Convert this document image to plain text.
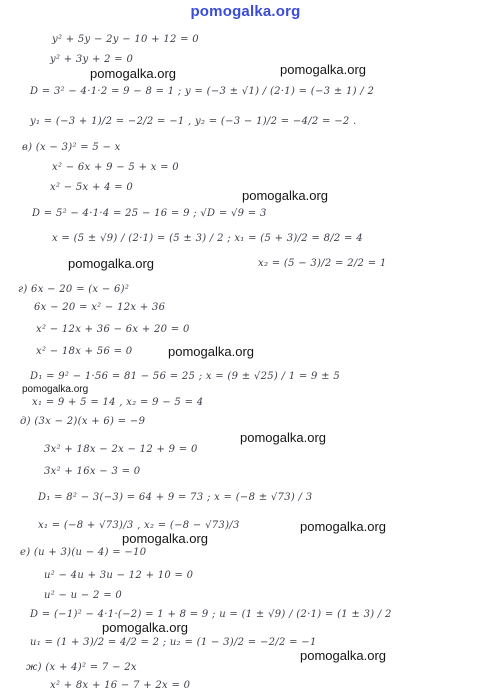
pomogalka.org
y² + 5y − 2y − 10 + 12 = 0
y² + 3y + 2 = 0
D = 3² − 4·1·2 = 9 − 8 = 1 ; y = (−3 ± √1) / (2·1) = (−3 ± 1) / 2
y₁ = (−3 + 1)/2 = −2/2 = −1 , y₂ = (−3 − 1)/2 = −4/2 = −2 .
в) (x − 3)² = 5 − x
x² − 6x + 9 − 5 + x = 0
x² − 5x + 4 = 0
D = 5² − 4·1·4 = 25 − 16 = 9 ; √D = √9 = 3
x = (5 ± √9) / (2·1) = (5 ± 3) / 2 ; x₁ = (5 + 3)/2 = 8/2 = 4
x₂ = (5 − 3)/2 = 2/2 = 1
г) 6x − 20 = (x − 6)²
6x − 20 = x² − 12x + 36
x² − 12x + 36 − 6x + 20 = 0
x² − 18x + 56 = 0
D₁ = 9² − 1·56 = 81 − 56 = 25 ; x = (9 ± √25) / 1 = 9 ± 5
x₁ = 9 + 5 = 14 , x₂ = 9 − 5 = 4
д) (3x − 2)(x + 6) = −9
3x² + 18x − 2x − 12 + 9 = 0
3x² + 16x − 3 = 0
D₁ = 8² − 3(−3) = 64 + 9 = 73 ; x = (−8 ± √73) / 3
x₁ = (−8 + √73)/3 , x₂ = (−8 − √73)/3
е) (u + 3)(u − 4) = −10
u² − 4u + 3u − 12 + 10 = 0
u² − u − 2 = 0
D = (−1)² − 4·1·(−2) = 1 + 8 = 9 ; u = (1 ± √9) / (2·1) = (1 ± 3) / 2
u₁ = (1 + 3)/2 = 4/2 = 2 ; u₂ = (1 − 3)/2 = −2/2 = −1
ж) (x + 4)² = 7 − 2x
x² + 8x + 16 − 7 + 2x = 0
pomogalka.org	pomogalka.org
pomogalka.org
pomogalka.org
pomogalka.org
pomogalka.org
pomogalka.org
pomogalka.org
pomogalka.org
pomogalka.org
pomogalka.org
